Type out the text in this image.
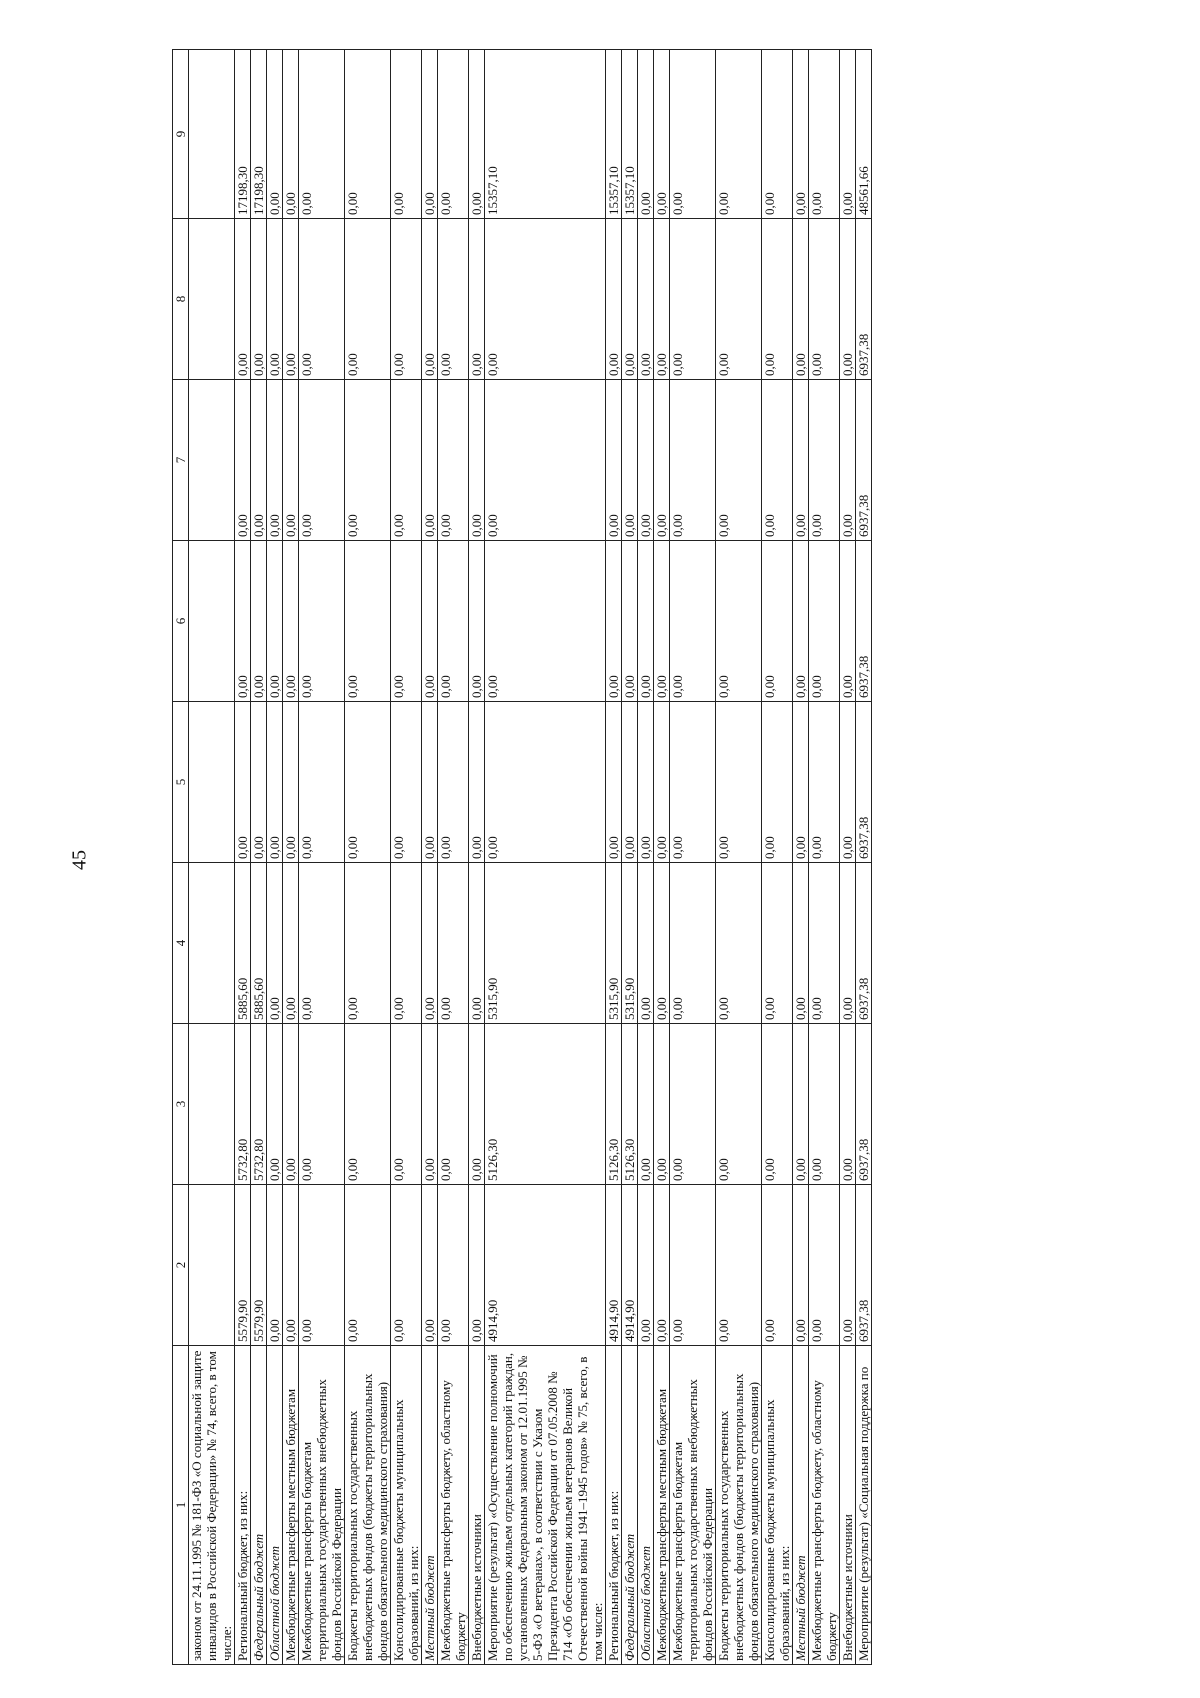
45
1	2	3	4	5	6	7	8	9
законом от 24.11.1995 № 181-ФЗ «О социальной защите инвалидов в Российской Федерации» № 74, всего, в том числе:								
Региональный бюджет, из них:	5579,90	5732,80	5885,60	0,00	0,00	0,00	0,00	17198,30
Федеральный бюджет	5579,90	5732,80	5885,60	0,00	0,00	0,00	0,00	17198,30
Областной бюджет	0,00	0,00	0,00	0,00	0,00	0,00	0,00	0,00
Межбюджетные трансферты местным бюджетам	0,00	0,00	0,00	0,00	0,00	0,00	0,00	0,00
Межбюджетные трансферты бюджетам территориальных государственных внебюджетных фондов Российской Федерации	0,00	0,00	0,00	0,00	0,00	0,00	0,00	0,00
Бюджеты территориальных государственных внебюджетных фондов (бюджеты территориальных фондов обязательного медицинского страхования)	0,00	0,00	0,00	0,00	0,00	0,00	0,00	0,00
Консолидированные бюджеты муниципальных образований, из них:	0,00	0,00	0,00	0,00	0,00	0,00	0,00	0,00
Местный бюджет	0,00	0,00	0,00	0,00	0,00	0,00	0,00	0,00
Межбюджетные трансферты бюджету, областному бюджету	0,00	0,00	0,00	0,00	0,00	0,00	0,00	0,00
Внебюджетные источники	0,00	0,00	0,00	0,00	0,00	0,00	0,00	0,00
Мероприятие (результат) «Осуществление полномочий по обеспечению жильем отдельных категорий граждан, установленных Федеральным законом от 12.01.1995 № 5-ФЗ «О ветеранах», в соответствии с Указом Президента Российской Федерации от 07.05.2008 № 714 «Об обеспечении жильем ветеранов Великой Отечественной войны 1941–1945 годов» № 75, всего, в том числе:	4914,90	5126,30	5315,90	0,00	0,00	0,00	0,00	15357,10
Региональный бюджет, из них:	4914,90	5126,30	5315,90	0,00	0,00	0,00	0,00	15357,10
Федеральный бюджет	4914,90	5126,30	5315,90	0,00	0,00	0,00	0,00	15357,10
Областной бюджет	0,00	0,00	0,00	0,00	0,00	0,00	0,00	0,00
Межбюджетные трансферты местным бюджетам	0,00	0,00	0,00	0,00	0,00	0,00	0,00	0,00
Межбюджетные трансферты бюджетам территориальных государственных внебюджетных фондов Российской Федерации	0,00	0,00	0,00	0,00	0,00	0,00	0,00	0,00
Бюджеты территориальных государственных внебюджетных фондов (бюджеты территориальных фондов обязательного медицинского страхования)	0,00	0,00	0,00	0,00	0,00	0,00	0,00	0,00
Консолидированные бюджеты муниципальных образований, из них:	0,00	0,00	0,00	0,00	0,00	0,00	0,00	0,00
Местный бюджет	0,00	0,00	0,00	0,00	0,00	0,00	0,00	0,00
Межбюджетные трансферты бюджету, областному бюджету	0,00	0,00	0,00	0,00	0,00	0,00	0,00	0,00
Внебюджетные источники	0,00	0,00	0,00	0,00	0,00	0,00	0,00	0,00
Мероприятие (результат) «Социальная поддержка по	6937,38	6937,38	6937,38	6937,38	6937,38	6937,38	6937,38	48561,66
